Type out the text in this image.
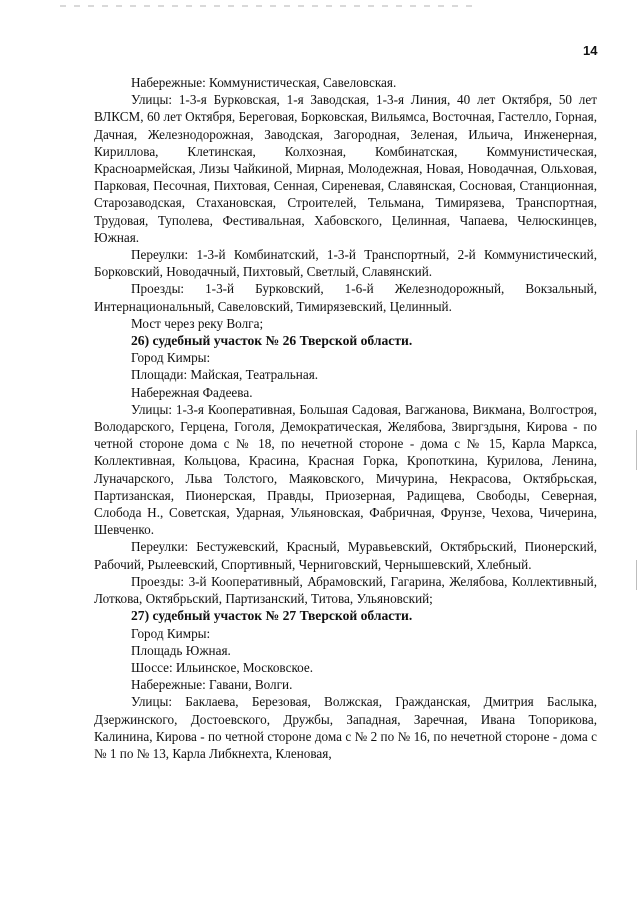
14

Набережные: Коммунистическая, Савеловская.

Улицы: 1-3-я Бурковская, 1-я Заводская, 1-3-я Линия, 40 лет Октября, 50 лет ВЛКСМ, 60 лет Октября, Береговая, Борковская, Вильямса, Восточная, Гастелло, Горная, Дачная, Железнодорожная, Заводская, Загородная, Зеленая, Ильича, Инженерная, Кириллова, Клетинская, Колхозная, Комбинатская, Коммунистическая, Красноармейская, Лизы Чайкиной, Мирная, Молодежная, Новая, Новодачная, Ольховая, Парковая, Песочная, Пихтовая, Сенная, Сиреневая, Славянская, Сосновая, Станционная, Старозаводская, Стахановская, Строителей, Тельмана, Тимирязева, Транспортная, Трудовая, Туполева, Фестивальная, Хабовского, Целинная, Чапаева, Челюскинцев, Южная.

Переулки: 1-3-й Комбинатский, 1-3-й Транспортный, 2-й Коммунистический, Борковский, Новодачный, Пихтовый, Светлый, Славянский.

Проезды: 1-3-й Бурковский, 1-6-й Железнодорожный, Вокзальный, Интернациональный, Савеловский, Тимирязевский, Целинный.

Мост через реку Волга;

26) судебный участок № 26 Тверской области.

Город Кимры:

Площади: Майская, Театральная.

Набережная Фадеева.

Улицы: 1-3-я Кооперативная, Большая Садовая, Вагжанова, Викмана, Волгостроя, Володарского, Герцена, Гоголя, Демократическая, Желябова, Звиргздыня, Кирова - по четной стороне дома с № 18, по нечетной стороне - дома с № 15, Карла Маркса, Коллективная, Кольцова, Красина, Красная Горка, Кропоткина, Курилова, Ленина, Луначарского, Льва Толстого, Маяковского, Мичурина, Некрасова, Октябрьская, Партизанская, Пионерская, Правды, Приозерная, Радищева, Свободы, Северная, Слобода Н., Советская, Ударная, Ульяновская, Фабричная, Фрунзе, Чехова, Чичерина, Шевченко.

Переулки: Бестужевский, Красный, Муравьевский, Октябрьский, Пионерский, Рабочий, Рылеевский, Спортивный, Черниговский, Чернышевский, Хлебный.

Проезды: 3-й Кооперативный, Абрамовский, Гагарина, Желябова, Коллективный, Лоткова, Октябрьский, Партизанский, Титова, Ульяновский;

27) судебный участок № 27 Тверской области.

Город Кимры:

Площадь Южная.

Шоссе: Ильинское, Московское.

Набережные: Гавани, Волги.

Улицы: Баклаева, Березовая, Волжская, Гражданская, Дмитрия Баслыка, Дзержинского, Достоевского, Дружбы, Западная, Заречная, Ивана Топорикова, Калинина, Кирова - по четной стороне дома с № 2 по № 16, по нечетной стороне - дома с № 1 по № 13, Карла Либкнехта, Кленовая,
